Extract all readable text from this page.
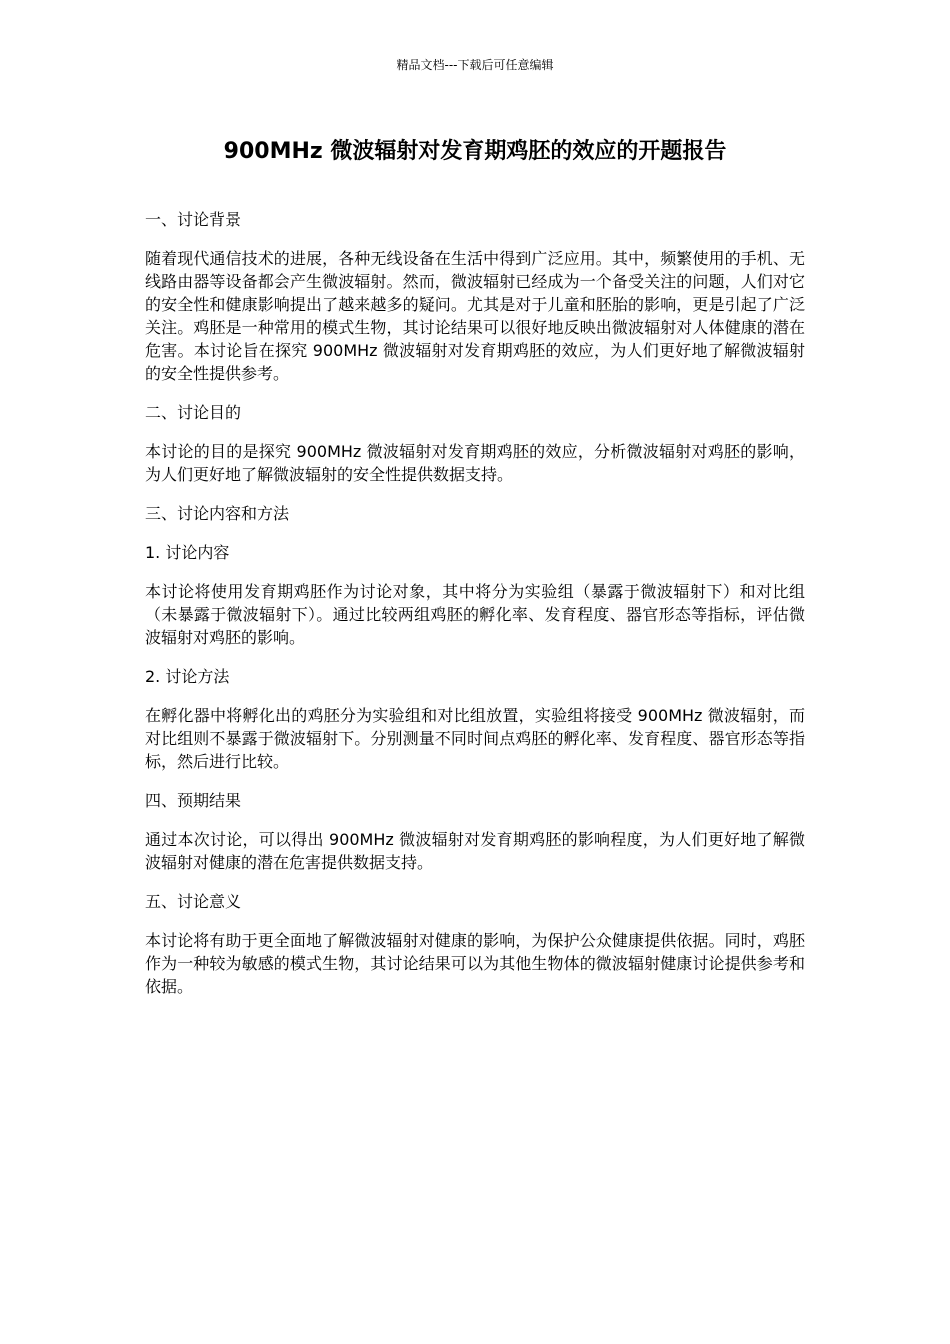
精品文档---下载后可任意编辑
900MHz 微波辐射对发育期鸡胚的效应的开题报告

一、讨论背景

随着现代通信技术的进展，各种无线设备在生活中得到广泛应用。其中，频繁使用的手机、无线路由器等设备都会产生微波辐射。然而，微波辐射已经成为一个备受关注的问题，人们对它的安全性和健康影响提出了越来越多的疑问。尤其是对于儿童和胚胎的影响，更是引起了广泛关注。鸡胚是一种常用的模式生物，其讨论结果可以很好地反映出微波辐射对人体健康的潜在危害。本讨论旨在探究 900MHz 微波辐射对发育期鸡胚的效应，为人们更好地了解微波辐射的安全性提供参考。

二、讨论目的

本讨论的目的是探究 900MHz 微波辐射对发育期鸡胚的效应，分析微波辐射对鸡胚的影响，为人们更好地了解微波辐射的安全性提供数据支持。

三、讨论内容和方法

1. 讨论内容

本讨论将使用发育期鸡胚作为讨论对象，其中将分为实验组（暴露于微波辐射下）和对比组（未暴露于微波辐射下）。通过比较两组鸡胚的孵化率、发育程度、器官形态等指标，评估微波辐射对鸡胚的影响。

2. 讨论方法

在孵化器中将孵化出的鸡胚分为实验组和对比组放置，实验组将接受 900MHz 微波辐射，而对比组则不暴露于微波辐射下。分别测量不同时间点鸡胚的孵化率、发育程度、器官形态等指标，然后进行比较。

四、预期结果

通过本次讨论，可以得出 900MHz 微波辐射对发育期鸡胚的影响程度，为人们更好地了解微波辐射对健康的潜在危害提供数据支持。

五、讨论意义

本讨论将有助于更全面地了解微波辐射对健康的影响，为保护公众健康提供依据。同时，鸡胚作为一种较为敏感的模式生物，其讨论结果可以为其他生物体的微波辐射健康讨论提供参考和依据。
